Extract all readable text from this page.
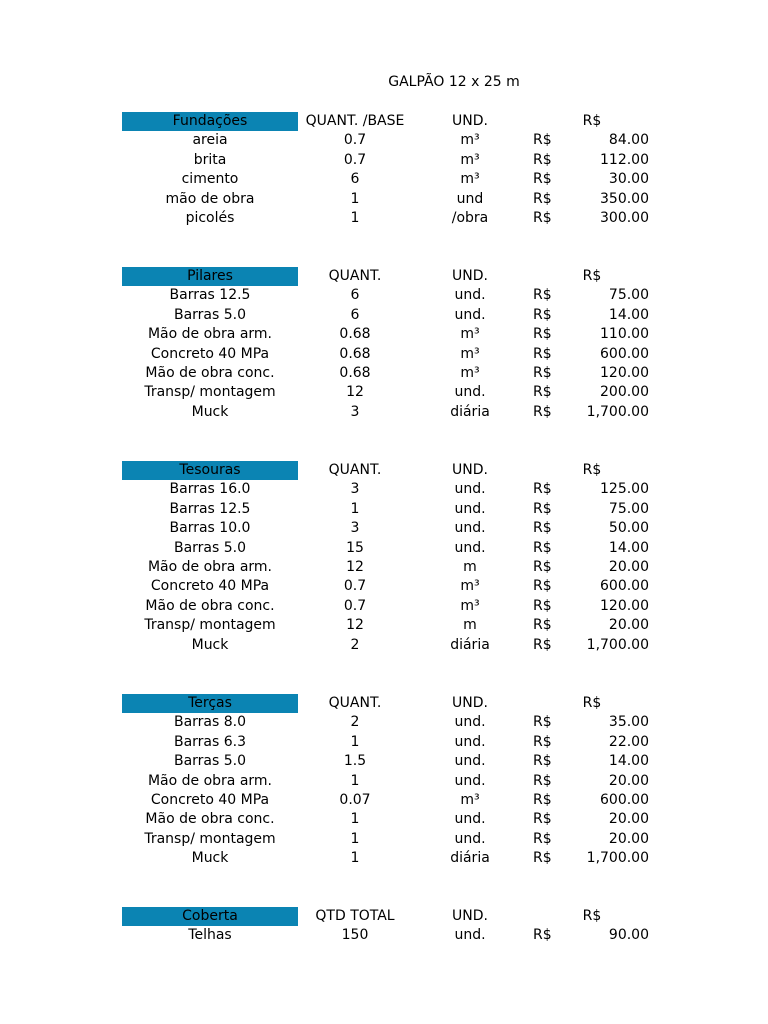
GALPÃO 12 x 25 m
Fundações	QUANT. /BASE	UND.	R$
areia	0.7	m³	R$	84.00
brita	0.7	m³	R$	112.00
cimento	6	m³	R$	30.00
mão de obra	1	und	R$	350.00
picolés	1	/obra	R$	300.00
Pilares	QUANT.	UND.	R$
Barras 12.5	6	und.	R$	75.00
Barras 5.0	6	und.	R$	14.00
Mão de obra arm.	0.68	m³	R$	110.00
Concreto 40 MPa	0.68	m³	R$	600.00
Mão de obra conc.	0.68	m³	R$	120.00
Transp/ montagem	12	und.	R$	200.00
Muck	3	diária	R$	1,700.00
Tesouras	QUANT.	UND.	R$
Barras 16.0	3	und.	R$	125.00
Barras 12.5	1	und.	R$	75.00
Barras 10.0	3	und.	R$	50.00
Barras 5.0	15	und.	R$	14.00
Mão de obra arm.	12	m	R$	20.00
Concreto 40 MPa	0.7	m³	R$	600.00
Mão de obra conc.	0.7	m³	R$	120.00
Transp/ montagem	12	m	R$	20.00
Muck	2	diária	R$	1,700.00
Terças	QUANT.	UND.	R$
Barras 8.0	2	und.	R$	35.00
Barras 6.3	1	und.	R$	22.00
Barras 5.0	1.5	und.	R$	14.00
Mão de obra arm.	1	und.	R$	20.00
Concreto 40 MPa	0.07	m³	R$	600.00
Mão de obra conc.	1	und.	R$	20.00
Transp/ montagem	1	und.	R$	20.00
Muck	1	diária	R$	1,700.00
Coberta	QTD TOTAL	UND.	R$
Telhas	150	und.	R$	90.00
